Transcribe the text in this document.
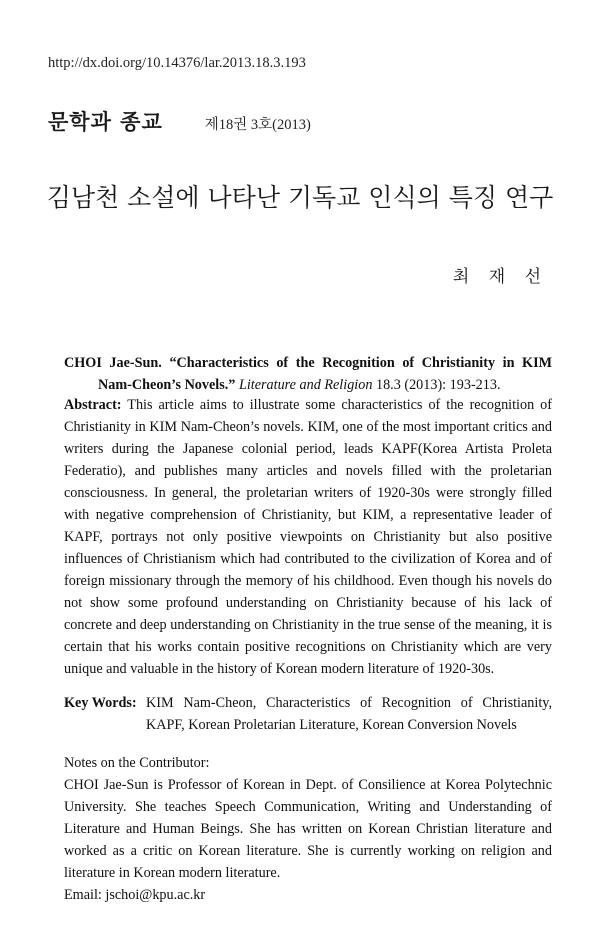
http://dx.doi.org/10.14376/lar.2013.18.3.193
문학과 종교	제18권 3호(2013)
김남천 소설에 나타난 기독교 인식의 특징 연구
최 재 선
CHOI Jae-Sun. “Characteristics of the Recognition of Christianity in KIM
Nam-Cheon’s Novels.” Literature and Religion 18.3 (2013): 193-213.
Abstract: This article aims to illustrate some characteristics of the recognition of Christianity in KIM Nam-Cheon’s novels. KIM, one of the most important critics and writers during the Japanese colonial period, leads KAPF(Korea Artista Proleta Federatio), and publishes many articles and novels filled with the proletarian consciousness. In general, the proletarian writers of 1920-30s were strongly filled with negative comprehension of Christianity, but KIM, a representative leader of KAPF, portrays not only positive viewpoints on Christianity but also positive influences of Christianism which had contributed to the civilization of Korea and of foreign missionary through the memory of his childhood. Even though his novels do not show some profound understanding on Christianity because of his lack of concrete and deep understanding on Christianity in the true sense of the meaning, it is certain that his works contain positive recognitions on Christianity which are very unique and valuable in the history of Korean modern literature of 1920-30s.
Key Words: KIM Nam-Cheon, Characteristics of Recognition of Christianity,
KAPF, Korean Proletarian Literature, Korean Conversion Novels
Notes on the Contributor:
CHOI Jae-Sun is Professor of Korean in Dept. of Consilience at Korea Polytechnic University. She teaches Speech Communication, Writing and Understanding of Literature and Human Beings. She has written on Korean Christian literature and worked as a critic on Korean literature. She is currently working on religion and literature in Korean modern literature.
Email: jschoi@kpu.ac.kr
